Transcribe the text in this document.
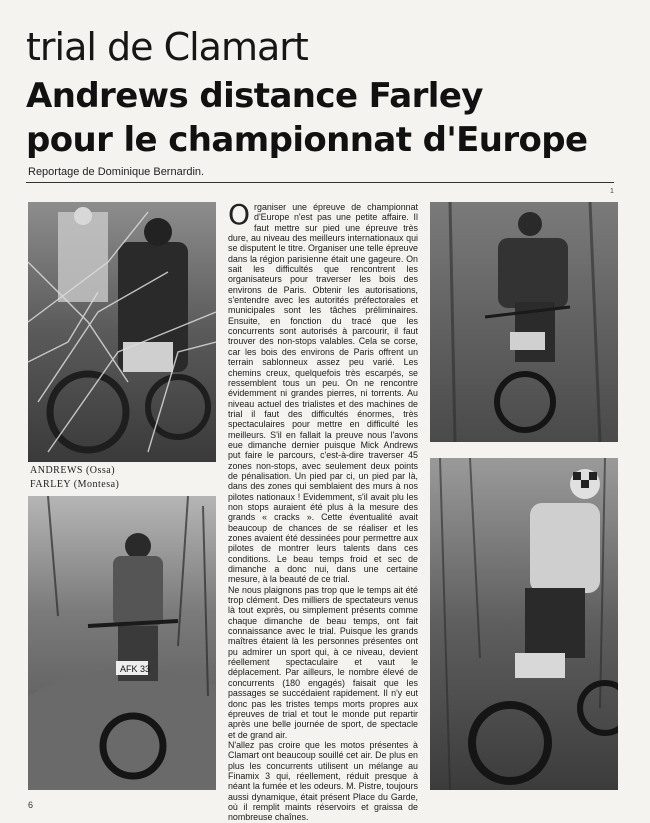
trial de Clamart
Andrews distance Farley
pour le championnat d'Europe
Reportage de Dominique Bernardin.
1
ANDREWS (Ossa)
FARLEY (Montesa)
AFK 33

Organiser une épreuve de championnat d'Europe n'est pas une petite affaire. Il faut mettre sur pied une épreuve très dure, au niveau des meilleurs internationaux qui se disputent le titre. Organiser une telle épreuve dans la région parisienne était une gageure. On sait les difficultés que rencontrent les organisateurs pour traverser les bois des environs de Paris. Obtenir les autorisations, s'entendre avec les autorités préfectorales et municipales sont les tâches préliminaires. Ensuite, en fonction du tracé que les concurrents sont autorisés à parcourir, il faut trouver des non-stops valables. Cela se corse, car les bois des environs de Paris offrent un terrain sablonneux assez peu varié. Les chemins creux, quelquefois très escarpés, se ressemblent tous un peu. On ne rencontre évidemment ni grandes pierres, ni torrents. Au niveau actuel des trialistes et des machines de trial il faut des difficultés énormes, très spectaculaires pour mettre en difficulté les meilleurs. S'il en fallait la preuve nous l'avons eue dimanche dernier puisque Mick Andrews put faire le parcours, c'est-à-dire traverser 45 zones non-stops, avec seulement deux points de pénalisation. Un pied par ci, un pied par là, dans des zones qui semblaient des murs à nos pilotes nationaux ! Evidemment, s'il avait plu les non stops auraient été plus à la mesure des grands « cracks ». Cette éventualité avait beaucoup de chances de se réaliser et les zones avaient été dessinées pour permettre aux pilotes de montrer leurs talents dans ces conditions. Le beau temps froid et sec de dimanche a donc nui, dans une certaine mesure, à la beauté de ce trial.

Ne nous plaignons pas trop que le temps ait été trop clément. Des milliers de spectateurs venus là tout exprès, ou simplement présents comme chaque dimanche de beau temps, ont fait connaissance avec le trial. Puisque les grands maîtres étaient là les personnes présentes ont pu admirer un sport qui, à ce niveau, devient réellement spectaculaire et vaut le déplacement. Par ailleurs, le nombre élevé de concurrents (180 engagés) faisait que les passages se succédaient rapidement. Il n'y eut donc pas les tristes temps morts propres aux épreuves de trial et tout le monde put repartir après une belle journée de sport, de spectacle et de grand air.

N'allez pas croire que les motos présentes à Clamart ont beaucoup souillé cet air. De plus en plus les concurrents utilisent un mélange au Finamix 3 qui, réellement, réduit presque à néant la fumée et les odeurs. M. Pistre, toujours aussi dynamique, était présent Place du Garde, où il remplit maints réservoirs et graissa de nombreuse chaînes.

6
